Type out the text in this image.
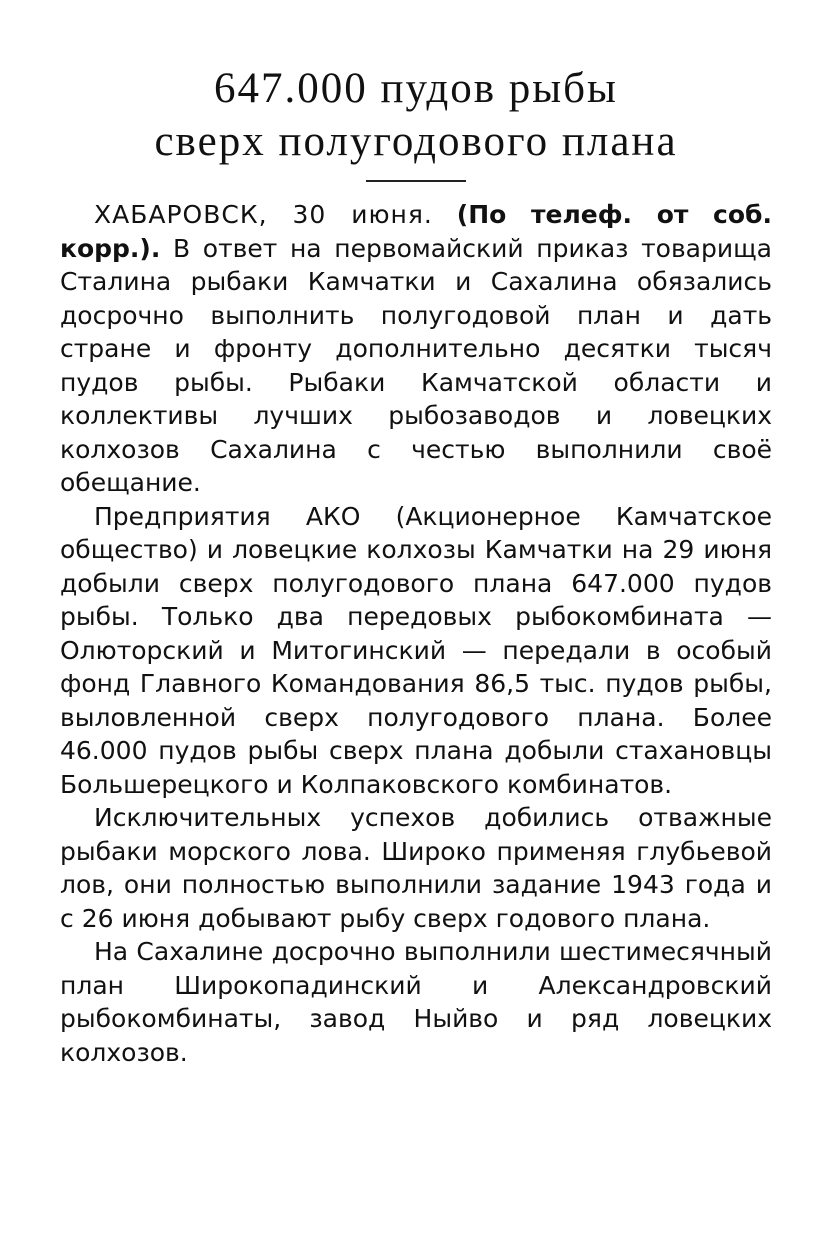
647.000 пудов рыбы
сверх полугодового плана

ХАБАРОВСК, 30 июня. (По телеф. от соб. корр.). В ответ на первомайский приказ товарища Сталина рыбаки Камчатки и Сахалина обязались досрочно выполнить полугодовой план и дать стране и фронту дополнительно десятки тысяч пудов рыбы. Рыбаки Камчатской области и коллективы лучших рыбозаводов и ловецких колхозов Сахалина с честью выполнили своё обещание.

Предприятия АКО (Акционерное Камчатское общество) и ловецкие колхозы Камчатки на 29 июня добыли сверх полугодового плана 647.000 пудов рыбы. Только два передовых рыбокомбината — Олюторский и Митогинский — передали в особый фонд Главного Командования 86,5 тыс. пудов рыбы, выловленной сверх полугодового плана. Более 46.000 пудов рыбы сверх плана добыли стахановцы Большерецкого и Колпаковского комбинатов.

Исключительных успехов добились отважные рыбаки морского лова. Широко применяя глубьевой лов, они полностью выполнили задание 1943 года и с 26 июня добывают рыбу сверх годового плана.

На Сахалине досрочно выполнили шестимесячный план Широкопадинский и Александровский рыбокомбинаты, завод Ныйво и ряд ловецких колхозов.
